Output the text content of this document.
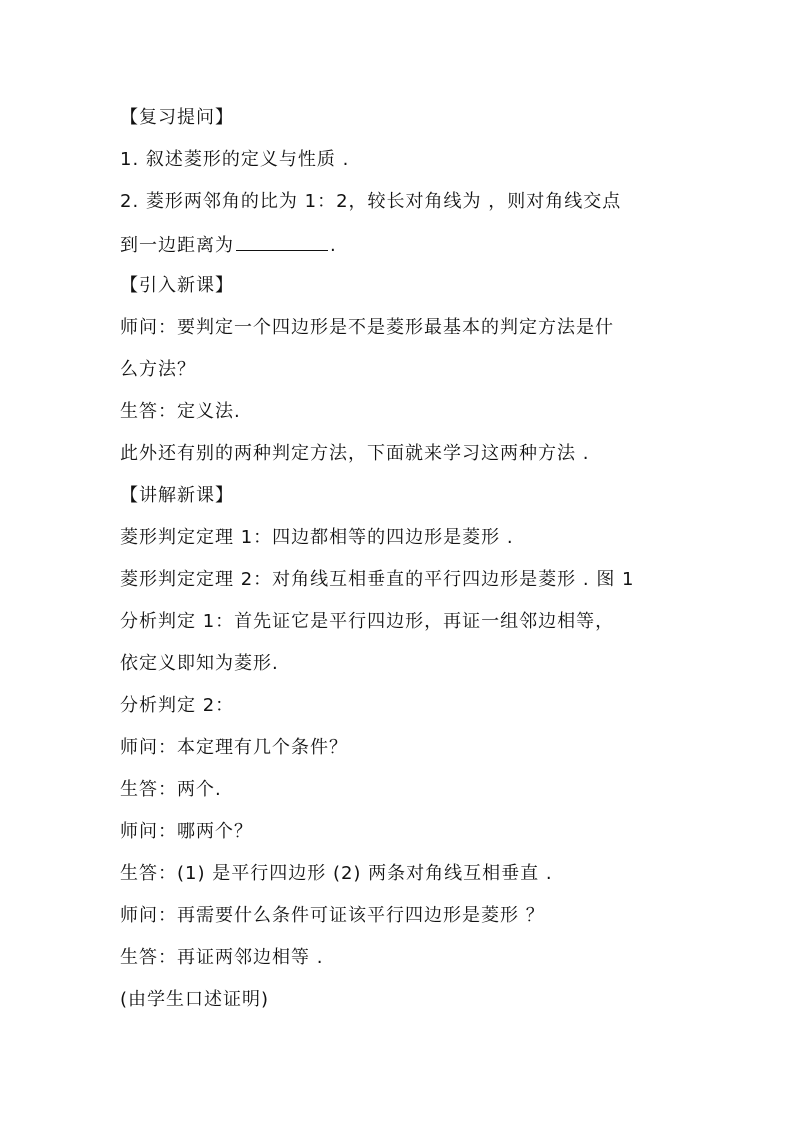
【复习提问】
1. 叙述菱形的定义与性质 .
2. 菱形两邻角的比为 1：2，较长对角线为 ，则对角线交点
到一边距离为	.
【引入新课】
师问：要判定一个四边形是不是菱形最基本的判定方法是什
么方法？
生答：定义法.
此外还有别的两种判定方法，下面就来学习这两种方法 .
【讲解新课】
菱形判定定理 1：四边都相等的四边形是菱形 .
菱形判定定理 2：对角线互相垂直的平行四边形是菱形 . 图 1
分析判定 1：首先证它是平行四边形，再证一组邻边相等，
依定义即知为菱形.
分析判定 2：
师问：本定理有几个条件？
生答：两个.
师问：哪两个？
生答：(1) 是平行四边形 (2) 两条对角线互相垂直 .
师问：再需要什么条件可证该平行四边形是菱形 ？
生答：再证两邻边相等 .
(由学生口述证明)
